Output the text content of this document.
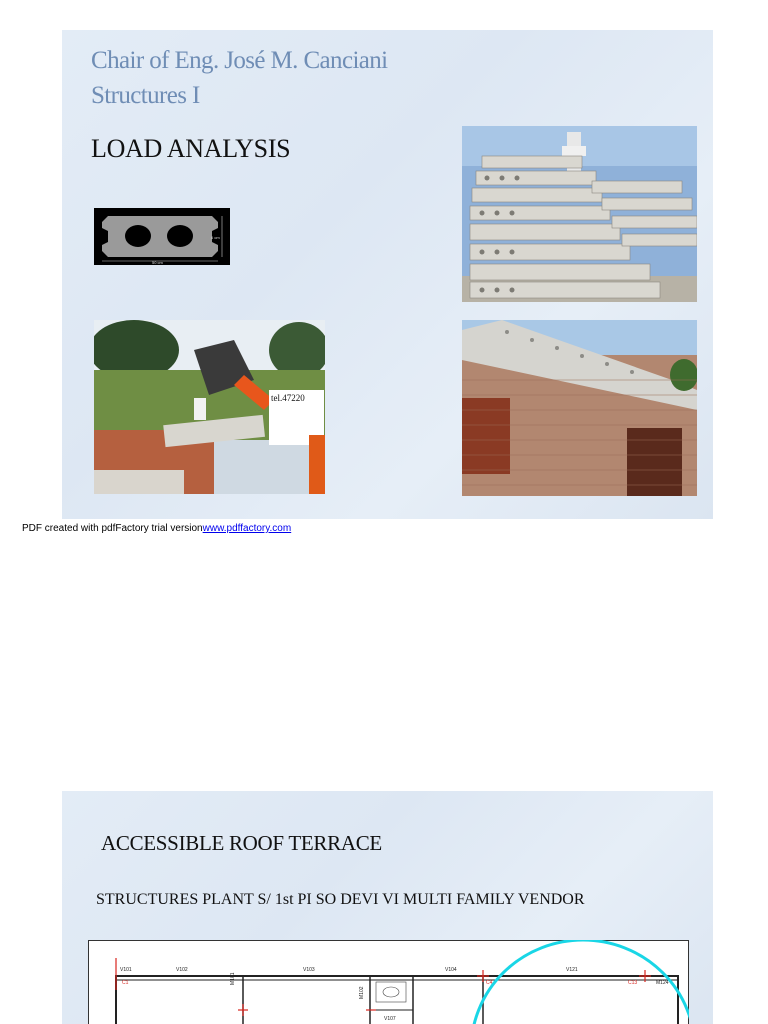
Chair of Eng. José M. Canciani
Structures I
LOAD ANALYSIS
6 cm
50 cm
tel.47220
PDF created with pdfFactory trial versionwww.pdffactory.com
ACCESSIBLE ROOF TERRACE
STRUCTURES PLANT S/ 1st PI SO DEVI VI MULTI FAMILY VENDOR
V101	V102	V103	V104	V121
M124
C1	C13
C4
V107
M101
M102
